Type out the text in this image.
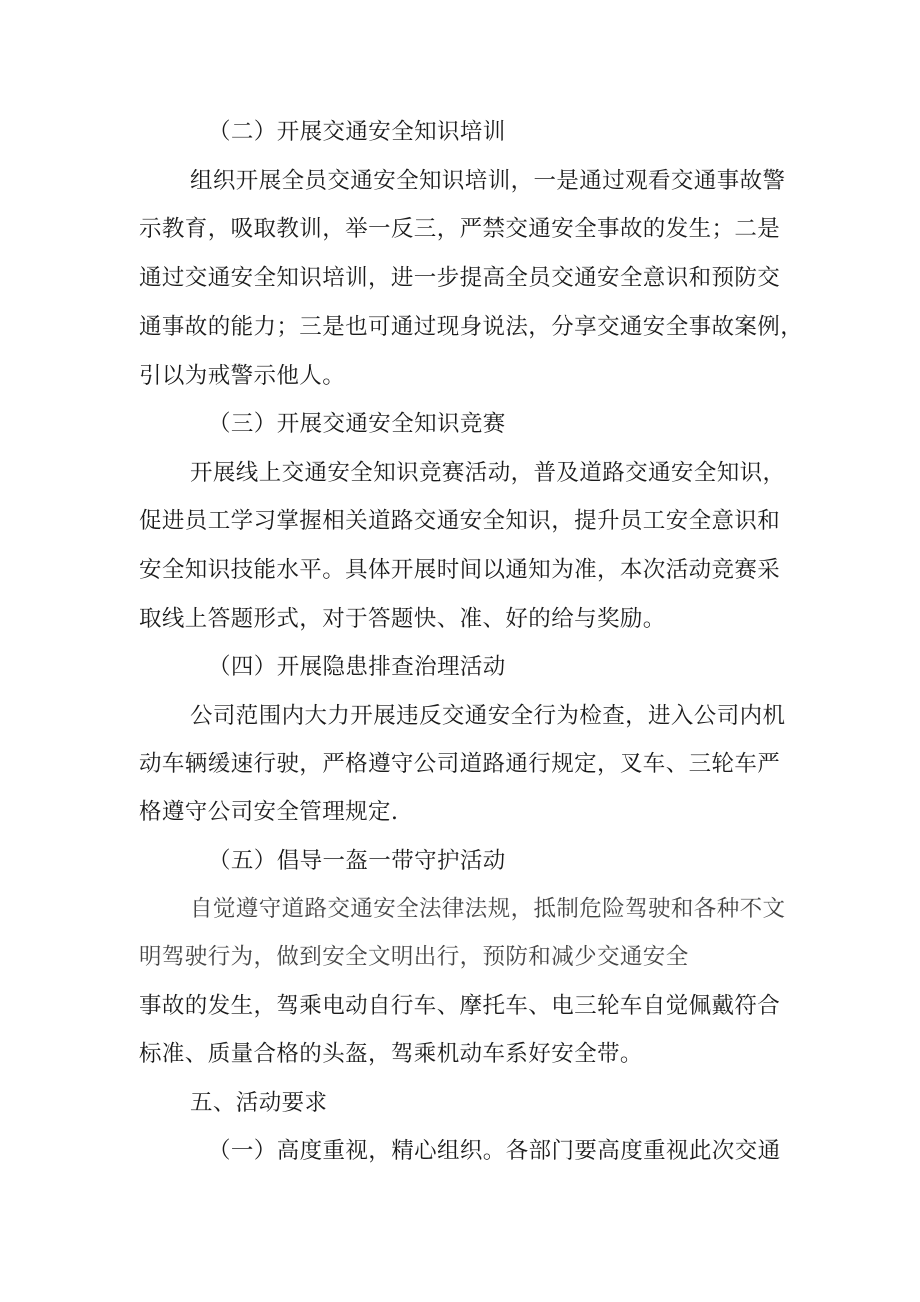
（二）开展交通安全知识培训
组织开展全员交通安全知识培训，一是通过观看交通事故警
示教育，吸取教训，举一反三，严禁交通安全事故的发生；二是
通过交通安全知识培训，进一步提高全员交通安全意识和预防交
通事故的能力；三是也可通过现身说法，分享交通安全事故案例，
引以为戒警示他人。
（三）开展交通安全知识竞赛
开展线上交通安全知识竞赛活动，普及道路交通安全知识，
促进员工学习掌握相关道路交通安全知识，提升员工安全意识和
安全知识技能水平。具体开展时间以通知为准，本次活动竞赛采
取线上答题形式，对于答题快、准、好的给与奖励。
（四）开展隐患排查治理活动
公司范围内大力开展违反交通安全行为检查，进入公司内机
动车辆缓速行驶，严格遵守公司道路通行规定，叉车、三轮车严
格遵守公司安全管理规定.
（五）倡导一盔一带守护活动
自觉遵守道路交通安全法律法规，抵制危险驾驶和各种不文
明驾驶行为，做到安全文明出行，预防和减少交通安全
事故的发生，驾乘电动自行车、摩托车、电三轮车自觉佩戴符合
标准、质量合格的头盔，驾乘机动车系好安全带。
五、活动要求
（一）高度重视，精心组织。各部门要高度重视此次交通
